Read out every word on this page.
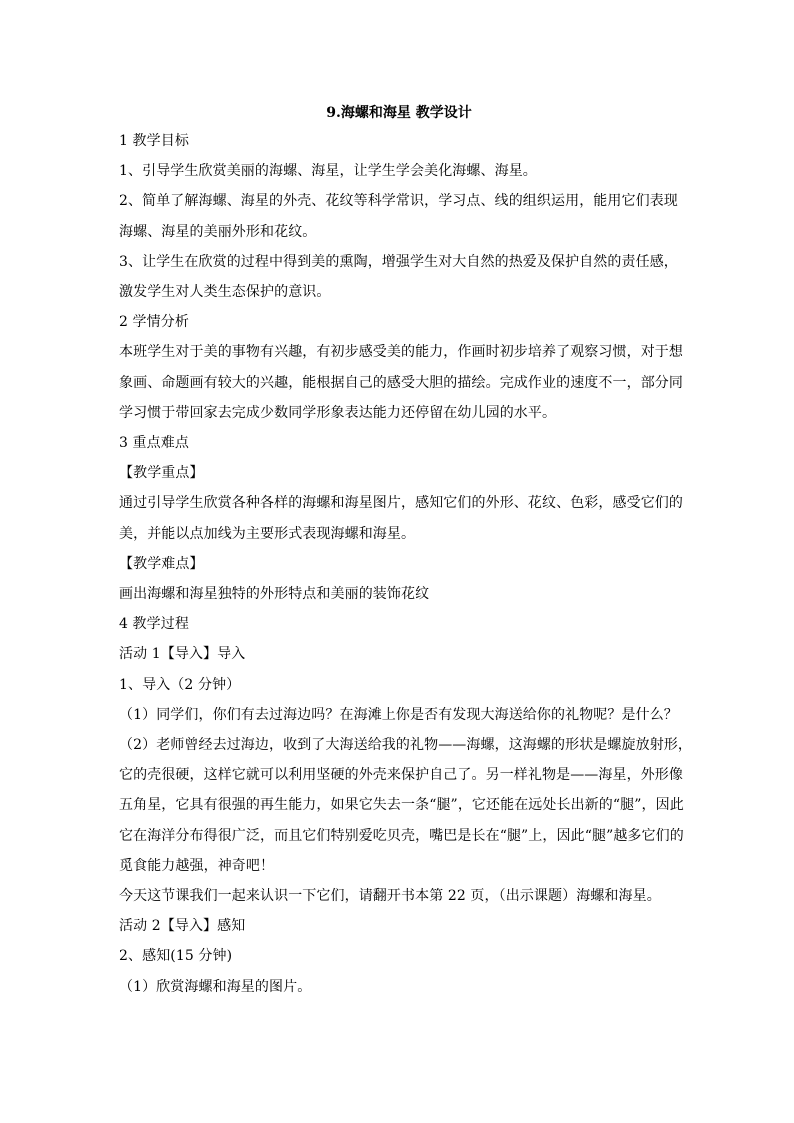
9.海螺和海星 教学设计

1 教学目标

1、引导学生欣赏美丽的海螺、海星，让学生学会美化海螺、海星。

2、简单了解海螺、海星的外壳、花纹等科学常识，学习点、线的组织运用，能用它们表现

海螺、海星的美丽外形和花纹。

3、让学生在欣赏的过程中得到美的熏陶，增强学生对大自然的热爱及保护自然的责任感，

激发学生对人类生态保护的意识。

2 学情分析

本班学生对于美的事物有兴趣，有初步感受美的能力，作画时初步培养了观察习惯，对于想

象画、命题画有较大的兴趣，能根据自己的感受大胆的描绘。完成作业的速度不一，部分同

学习惯于带回家去完成少数同学形象表达能力还停留在幼儿园的水平。

3 重点难点

【教学重点】

通过引导学生欣赏各种各样的海螺和海星图片，感知它们的外形、花纹、色彩，感受它们的

美，并能以点加线为主要形式表现海螺和海星。

【教学难点】

画出海螺和海星独特的外形特点和美丽的装饰花纹

4 教学过程

活动 1【导入】导入

1、导入（2 分钟）

（1）同学们，你们有去过海边吗？在海滩上你是否有发现大海送给你的礼物呢？是什么？

（2）老师曾经去过海边，收到了大海送给我的礼物——海螺，这海螺的形状是螺旋放射形，

它的壳很硬，这样它就可以利用坚硬的外壳来保护自己了。另一样礼物是——海星，外形像

五角星，它具有很强的再生能力，如果它失去一条“腿”，它还能在远处长出新的“腿”，因此

它在海洋分布得很广泛，而且它们特别爱吃贝壳，嘴巴是长在“腿”上，因此“腿”越多它们的

觅食能力越强，神奇吧！

今天这节课我们一起来认识一下它们，请翻开书本第 22 页，（出示课题）海螺和海星。

活动 2【导入】感知

2、感知(15 分钟)

（1）欣赏海螺和海星的图片。
